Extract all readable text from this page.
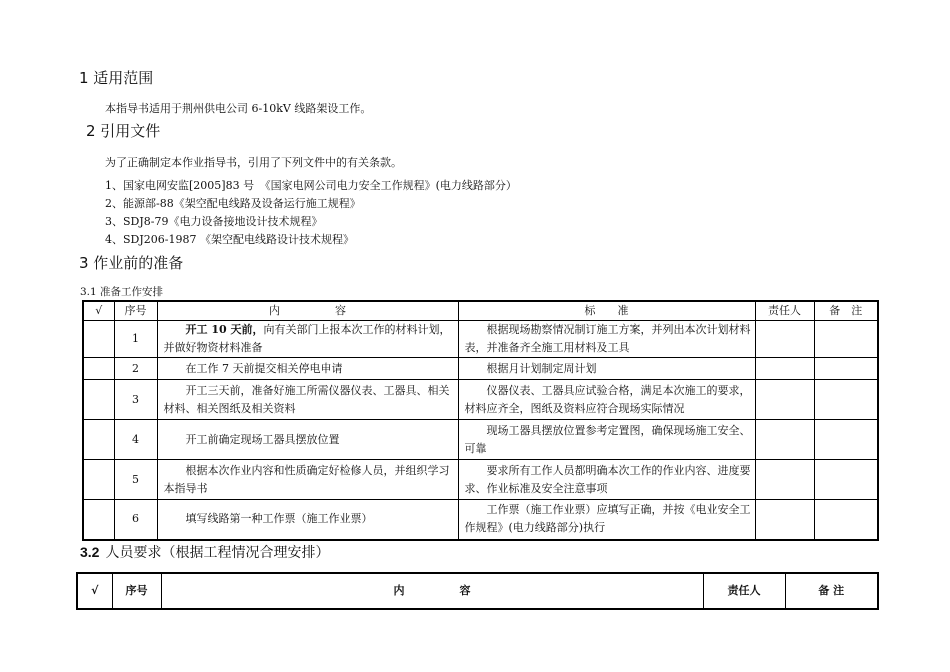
1 适用范围
本指导书适用于荆州供电公司 6-10kV 线路架设工作。
2 引用文件
为了正确制定本作业指导书，引用了下列文件中的有关条款。
1、国家电网安监[2005]83 号　《国家电网公司电力安全工作规程》(电力线路部分）
2、能源部-88《架空配电线路及设备运行施工规程》
3、SDJ8-79《电力设备接地设计技术规程》
4、SDJ206-1987 《架空配电线路设计技术规程》
3 作业前的准备
3.1 准备工作安排
√	序号	内　　　　　容	标　　准	责任人	备　注
	1	开工 10 天前，向有关部门上报本次工作的材料计划，并做好物资材料准备	根据现场勘察情况制订施工方案，并列出本次计划材料表，并准备齐全施工用材料及工具		
	2	在工作 7 天前提交相关停电申请	根据月计划制定周计划		
	3	开工三天前，准备好施工所需仪器仪表、工器具、相关材料、相关图纸及相关资料	仪器仪表、工器具应试验合格，满足本次施工的要求，材料应齐全，图纸及资料应符合现场实际情况		
	4	开工前确定现场工器具摆放位置	现场工器具摆放位置参考定置图，确保现场施工安全、可靠		
	5	根据本次作业内容和性质确定好检修人员，并组织学习本指导书	要求所有工作人员都明确本次工作的作业内容、进度要求、作业标准及安全注意事项		
	6	填写线路第一种工作票（施工作业票）	工作票（施工作业票）应填写正确，并按《电业安全工作规程》(电力线路部分)执行		
3.2 人员要求（根据工程情况合理安排）
√	序号	内　　　　　容	责任人	备 注
